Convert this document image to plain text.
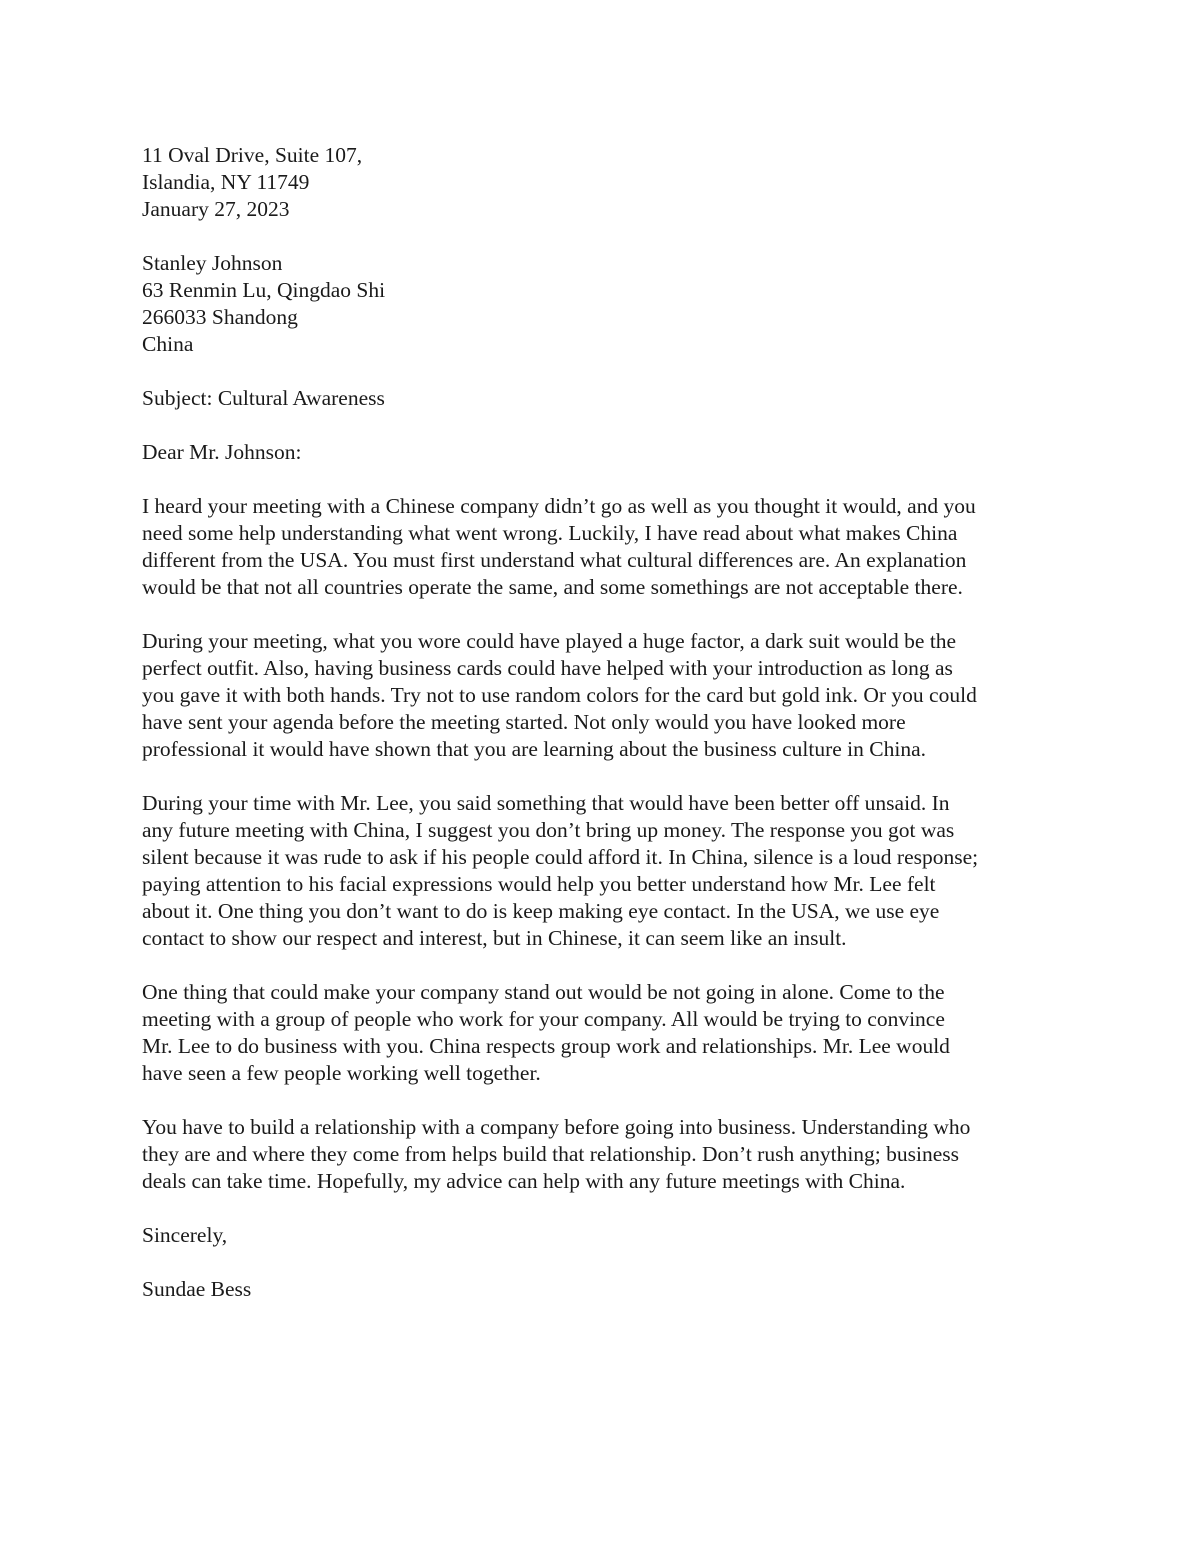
11 Oval Drive, Suite 107,
Islandia, NY 11749
January 27, 2023
Stanley Johnson
63 Renmin Lu, Qingdao Shi
266033 Shandong
China
Subject: Cultural Awareness
Dear Mr. Johnson:
I heard your meeting with a Chinese company didn’t go as well as you thought it would, and you
need some help understanding what went wrong. Luckily, I have read about what makes China
different from the USA. You must first understand what cultural differences are. An explanation
would be that not all countries operate the same, and some somethings are not acceptable there.
During your meeting, what you wore could have played a huge factor, a dark suit would be the
perfect outfit. Also, having business cards could have helped with your introduction as long as
you gave it with both hands. Try not to use random colors for the card but gold ink. Or you could
have sent your agenda before the meeting started. Not only would you have looked more
professional it would have shown that you are learning about the business culture in China.
During your time with Mr. Lee, you said something that would have been better off unsaid. In
any future meeting with China, I suggest you don’t bring up money. The response you got was
silent because it was rude to ask if his people could afford it. In China, silence is a loud response;
paying attention to his facial expressions would help you better understand how Mr. Lee felt
about it. One thing you don’t want to do is keep making eye contact. In the USA, we use eye
contact to show our respect and interest, but in Chinese, it can seem like an insult.
One thing that could make your company stand out would be not going in alone. Come to the
meeting with a group of people who work for your company. All would be trying to convince
Mr. Lee to do business with you. China respects group work and relationships. Mr. Lee would
have seen a few people working well together.
You have to build a relationship with a company before going into business. Understanding who
they are and where they come from helps build that relationship. Don’t rush anything; business
deals can take time. Hopefully, my advice can help with any future meetings with China.
Sincerely,
Sundae Bess
